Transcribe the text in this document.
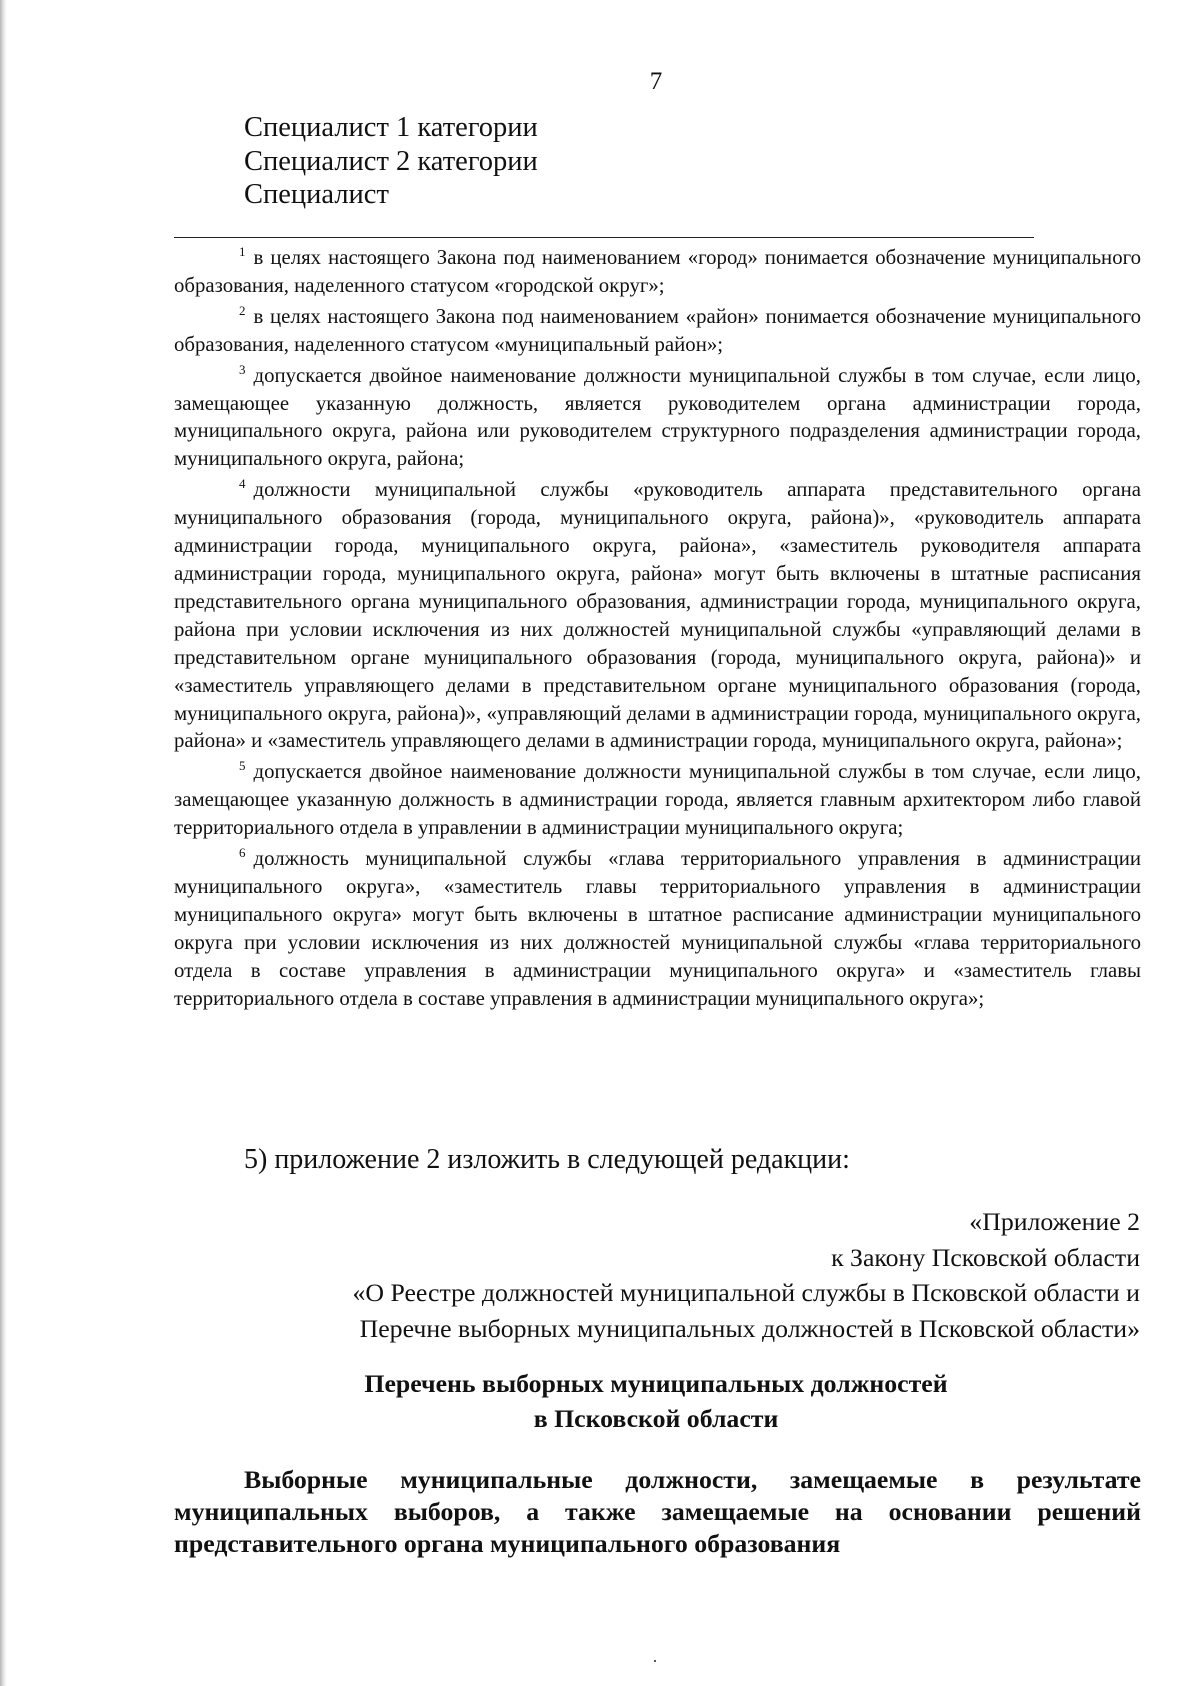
7
Специалист 1 категории
Специалист 2 категории
Специалист

$^1$ в целях настоящего Закона под наименованием «город» понимается обозначение муниципального образования, наделенного статусом «городской округ»;

$^2$ в целях настоящего Закона под наименованием «район» понимается обозначение муниципального образования, наделенного статусом «муниципальный район»;

$^3$ допускается двойное наименование должности муниципальной службы в том случае, если лицо, замещающее указанную должность, является руководителем органа администрации города, муниципального округа, района или руководителем структурного подразделения администрации города, муниципального округа, района;

$^4$ должности муниципальной службы «руководитель аппарата представительного органа муниципального образования (города, муниципального округа, района)», «руководитель аппарата администрации города, муниципального округа, района», «заместитель руководителя аппарата администрации города, муниципального округа, района» могут быть включены в штатные расписания представительного органа муниципального образования, администрации города, муниципального округа, района при условии исключения из них должностей муниципальной службы «управляющий делами в представительном органе муниципального образования (города, муниципального округа, района)» и «заместитель управляющего делами в представительном органе муниципального образования (города, муниципального округа, района)», «управляющий делами в администрации города, муниципального округа, района» и «заместитель управляющего делами в администрации города, муниципального округа, района»;

$^5$ допускается двойное наименование должности муниципальной службы в том случае, если лицо, замещающее указанную должность в администрации города, является главным архитектором либо главой территориального отдела в управлении в администрации муниципального округа;

$^6$ должность муниципальной службы «глава территориального управления в администрации муниципального округа», «заместитель главы территориального управления в администрации муниципального округа» могут быть включены в штатное расписание администрации муниципального округа при условии исключения из них должностей муниципальной службы «глава территориального отдела в составе управления в администрации муниципального округа» и «заместитель главы территориального отдела в составе управления в администрации муниципального округа»;

5) приложение 2 изложить в следующей редакции:
«Приложение 2
к Закону Псковской области
«О Реестре должностей муниципальной службы в Псковской области и
Перечне выборных муниципальных должностей в Псковской области»
Перечень выборных муниципальных должностей
в Псковской области
Выборные муниципальные должности, замещаемые в результате муниципальных выборов, а также замещаемые на основании решений представительного органа муниципального образования
